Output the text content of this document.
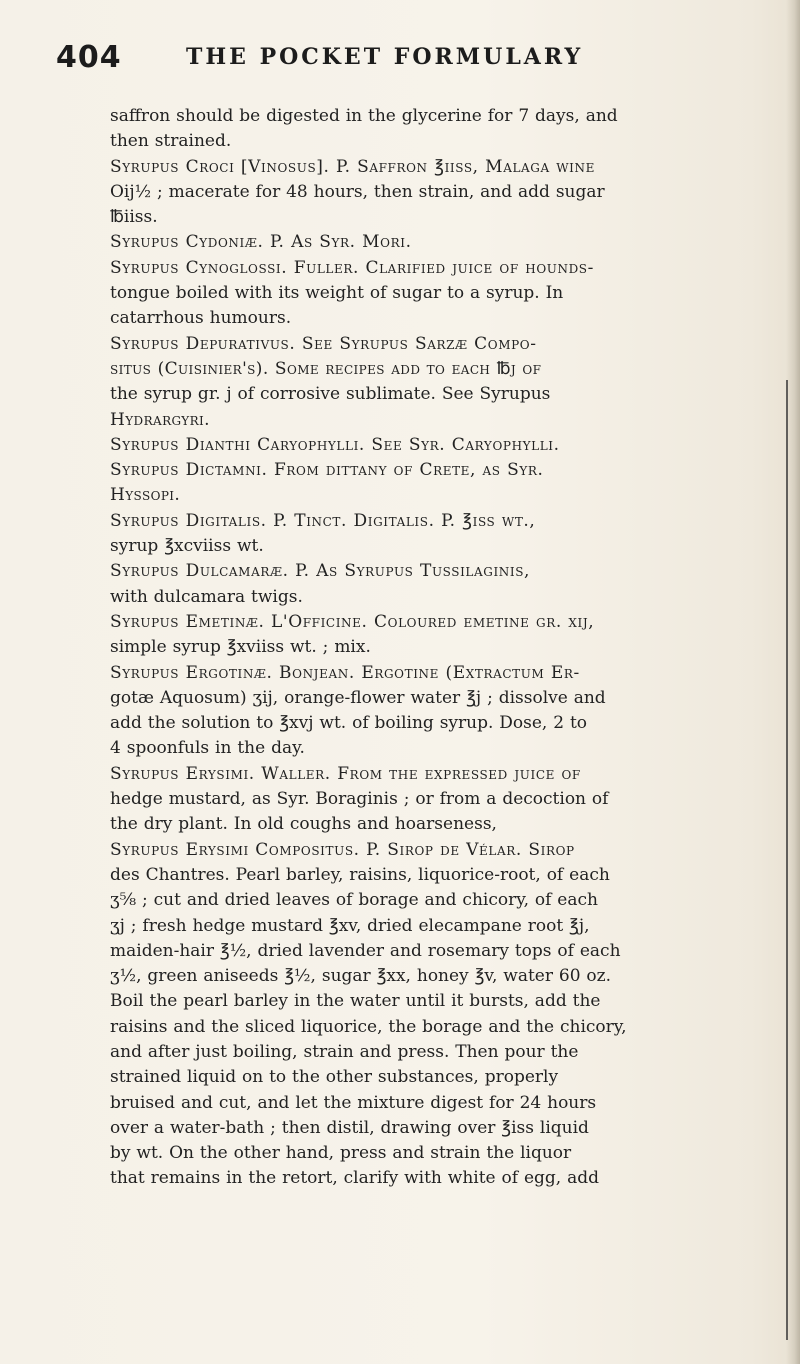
404	THE POCKET FORMULARY

saffron should be digested in the glycerine for 7 days, and
then strained.

Syrupus Croci [Vinosus]. P. Saffron ℥iiss, Malaga wine
Oij½ ; macerate for 48 hours, then strain, and add sugar
℔iiss.

Syrupus Cydoniæ. P. As Syr. Mori.

Syrupus Cynoglossi. Fuller. Clarified juice of hounds-
tongue boiled with its weight of sugar to a syrup. In
catarrhous humours.

Syrupus Depurativus. See Syrupus Sarzæ Compo-
situs (Cuisinier's). Some recipes add to each ℔j of
the syrup gr. j of corrosive sublimate. See Syrupus
Hydrargyri.

Syrupus Dianthi Caryophylli. See Syr. Caryophylli.

Syrupus Dictamni. From dittany of Crete, as Syr.
Hyssopi.

Syrupus Digitalis. P. Tinct. Digitalis. P. ℥iss wt.,
syrup ℥xcviiss wt.

Syrupus Dulcamaræ. P. As Syrupus Tussilaginis,
with dulcamara twigs.

Syrupus Emetinæ. L'Officine. Coloured emetine gr. xij,
simple syrup ℥xviiss wt. ; mix.

Syrupus Ergotinæ. Bonjean. Ergotine (Extractum Er-
gotæ Aquosum) ʒij, orange-flower water ℥j ; dissolve and
add the solution to ℥xvj wt. of boiling syrup. Dose, 2 to
4 spoonfuls in the day.

Syrupus Erysimi. Waller. From the expressed juice of
hedge mustard, as Syr. Boraginis ; or from a decoction of
the dry plant. In old coughs and hoarseness,

Syrupus Erysimi Compositus. P. Sirop de Vélar. Sirop
des Chantres. Pearl barley, raisins, liquorice-root, of each
ʒ⅝ ; cut and dried leaves of borage and chicory, of each
ʒj ; fresh hedge mustard ℥xv, dried elecampane root ℥j,
maiden-hair ℥½, dried lavender and rosemary tops of each
ʒ½, green aniseeds ℥½, sugar ℥xx, honey ℥v, water 60 oz.
Boil the pearl barley in the water until it bursts, add the
raisins and the sliced liquorice, the borage and the chicory,
and after just boiling, strain and press. Then pour the
strained liquid on to the other substances, properly
bruised and cut, and let the mixture digest for 24 hours
over a water-bath ; then distil, drawing over ℥iss liquid
by wt. On the other hand, press and strain the liquor
that remains in the retort, clarify with white of egg, add
